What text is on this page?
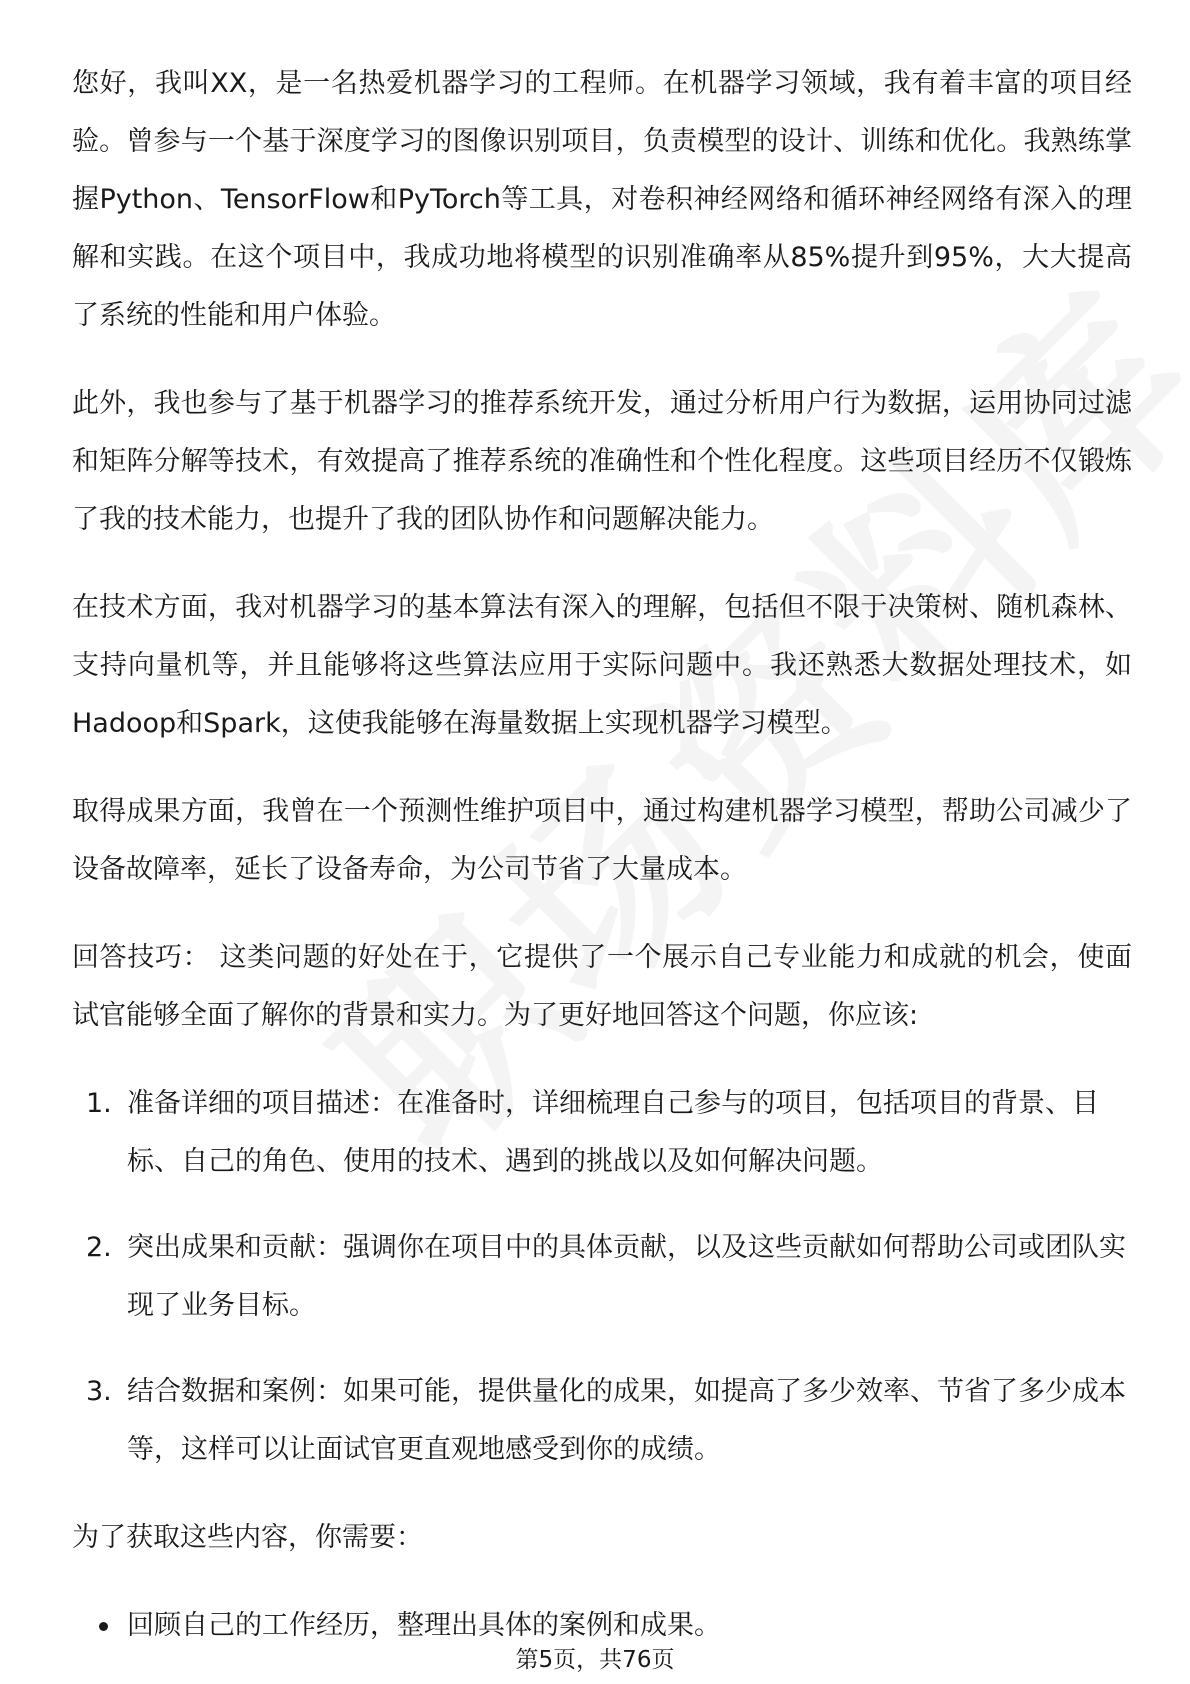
您好，我叫XX，是一名热爱机器学习的工程师。在机器学习领域，我有着丰富的项目经验。曾参与一个基于深度学习的图像识别项目，负责模型的设计、训练和优化。我熟练掌握Python、TensorFlow和PyTorch等工具，对卷积神经网络和循环神经网络有深入的理解和实践。在这个项目中，我成功地将模型的识别准确率从85%提升到95%，大大提高了系统的性能和用户体验。

此外，我也参与了基于机器学习的推荐系统开发，通过分析用户行为数据，运用协同过滤和矩阵分解等技术，有效提高了推荐系统的准确性和个性化程度。这些项目经历不仅锻炼了我的技术能力，也提升了我的团队协作和问题解决能力。

在技术方面，我对机器学习的基本算法有深入的理解，包括但不限于决策树、随机森林、支持向量机等，并且能够将这些算法应用于实际问题中。我还熟悉大数据处理技术，如Hadoop和Spark，这使我能够在海量数据上实现机器学习模型。

取得成果方面，我曾在一个预测性维护项目中，通过构建机器学习模型，帮助公司减少了设备故障率，延长了设备寿命，为公司节省了大量成本。

回答技巧： 这类问题的好处在于，它提供了一个展示自己专业能力和成就的机会，使面试官能够全面了解你的背景和实力。为了更好地回答这个问题，你应该:

1. 准备详细的项目描述：在准备时，详细梳理自己参与的项目，包括项目的背景、目标、自己的角色、使用的技术、遇到的挑战以及如何解决问题。
2. 突出成果和贡献：强调你在项目中的具体贡献，以及这些贡献如何帮助公司或团队实现了业务目标。
3. 结合数据和案例：如果可能，提供量化的成果，如提高了多少效率、节省了多少成本等，这样可以让面试官更直观地感受到你的成绩。

为了获取这些内容，你需要：

回顾自己的工作经历，整理出具体的案例和成果。
第5页，共76页
